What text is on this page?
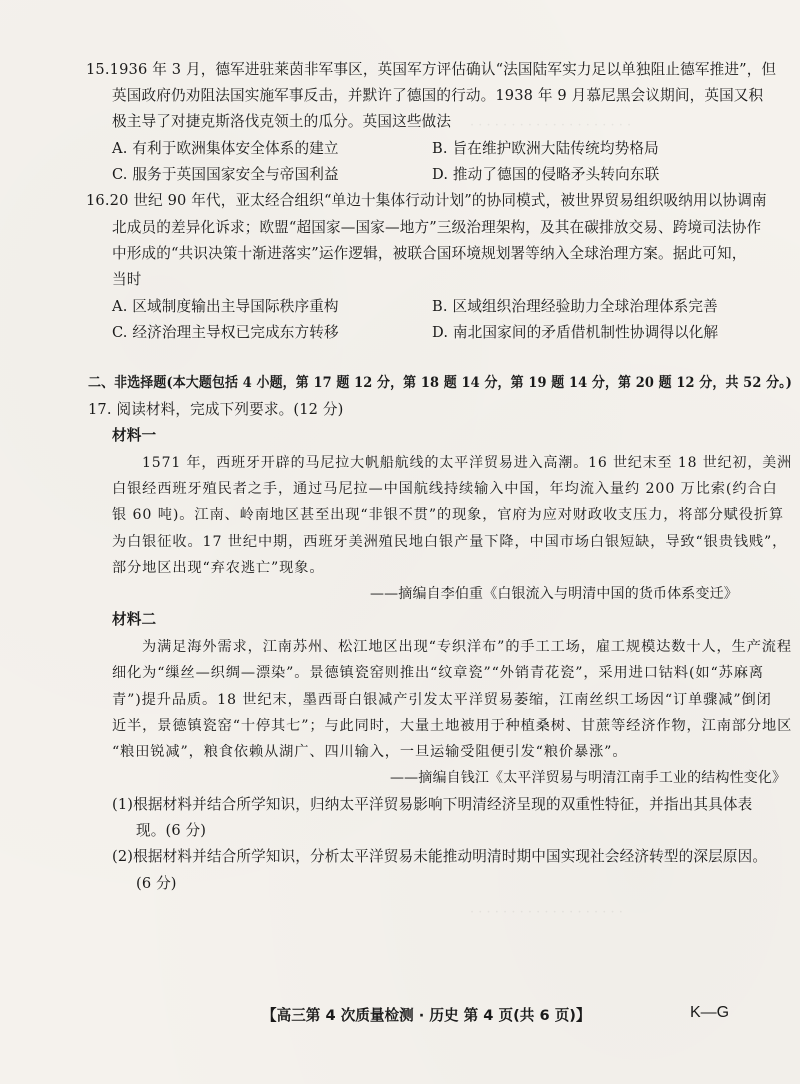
· · · · · · · · · · · · · · · · · · · ·
· · · · · · · · · · · · · · · · · · ·
15.1936 年 3 月，德军进驻莱茵非军事区，英国军方评估确认“法国陆军实力足以单独阻止德军推进”，但
英国政府仍劝阻法国实施军事反击，并默许了德国的行动。1938 年 9 月慕尼黑会议期间，英国又积
极主导了对捷克斯洛伐克领土的瓜分。英国这些做法
A. 有利于欧洲集体安全体系的建立	B. 旨在维护欧洲大陆传统均势格局
C. 服务于英国国家安全与帝国利益	D. 推动了德国的侵略矛头转向东联
16.20 世纪 90 年代，亚太经合组织“单边十集体行动计划”的协同模式，被世界贸易组织吸纳用以协调南
北成员的差异化诉求；欧盟“超国家—国家—地方”三级治理架构，及其在碳排放交易、跨境司法协作
中形成的“共识决策十渐进落实”运作逻辑，被联合国环境规划署等纳入全球治理方案。据此可知，
当时
A. 区域制度输出主导国际秩序重构	B. 区域组织治理经验助力全球治理体系完善
C. 经济治理主导权已完成东方转移	D. 南北国家间的矛盾借机制性协调得以化解
二、非选择题(本大题包括 4 小题，第 17 题 12 分，第 18 题 14 分，第 19 题 14 分，第 20 题 12 分，共 52 分。)
17. 阅读材料，完成下列要求。(12 分)
材料一
1571 年，西班牙开辟的马尼拉大帆船航线的太平洋贸易进入高潮。16 世纪末至 18 世纪初，美洲
白银经西班牙殖民者之手，通过马尼拉—中国航线持续输入中国，年均流入量约 200 万比索(约合白
银 60 吨)。江南、岭南地区甚至出现“非银不贯”的现象，官府为应对财政收支压力，将部分赋役折算
为白银征收。17 世纪中期，西班牙美洲殖民地白银产量下降，中国市场白银短缺，导致“银贵钱贱”，
部分地区出现“弃农逃亡”现象。
——摘编自李伯重《白银流入与明清中国的货币体系变迁》
材料二
为满足海外需求，江南苏州、松江地区出现“专织洋布”的手工工场，雇工规模达数十人，生产流程
细化为“缫丝—织绸—漂染”。景德镇瓷窑则推出“纹章瓷”“外销青花瓷”，采用进口钴料(如“苏麻离
青”)提升品质。18 世纪末，墨西哥白银减产引发太平洋贸易萎缩，江南丝织工场因“订单骤减”倒闭
近半，景德镇瓷窑“十停其七”；与此同时，大量土地被用于种植桑树、甘蔗等经济作物，江南部分地区
“粮田锐减”，粮食依赖从湖广、四川输入，一旦运输受阻便引发“粮价暴涨”。
——摘编自钱江《太平洋贸易与明清江南手工业的结构性变化》
(1)根据材料并结合所学知识，归纳太平洋贸易影响下明清经济呈现的双重性特征，并指出其具体表
现。(6 分)
(2)根据材料并结合所学知识，分析太平洋贸易未能推动明清时期中国实现社会经济转型的深层原因。
(6 分)
【高三第 4 次质量检测 · 历史 第 4 页(共 6 页)】	K—G
